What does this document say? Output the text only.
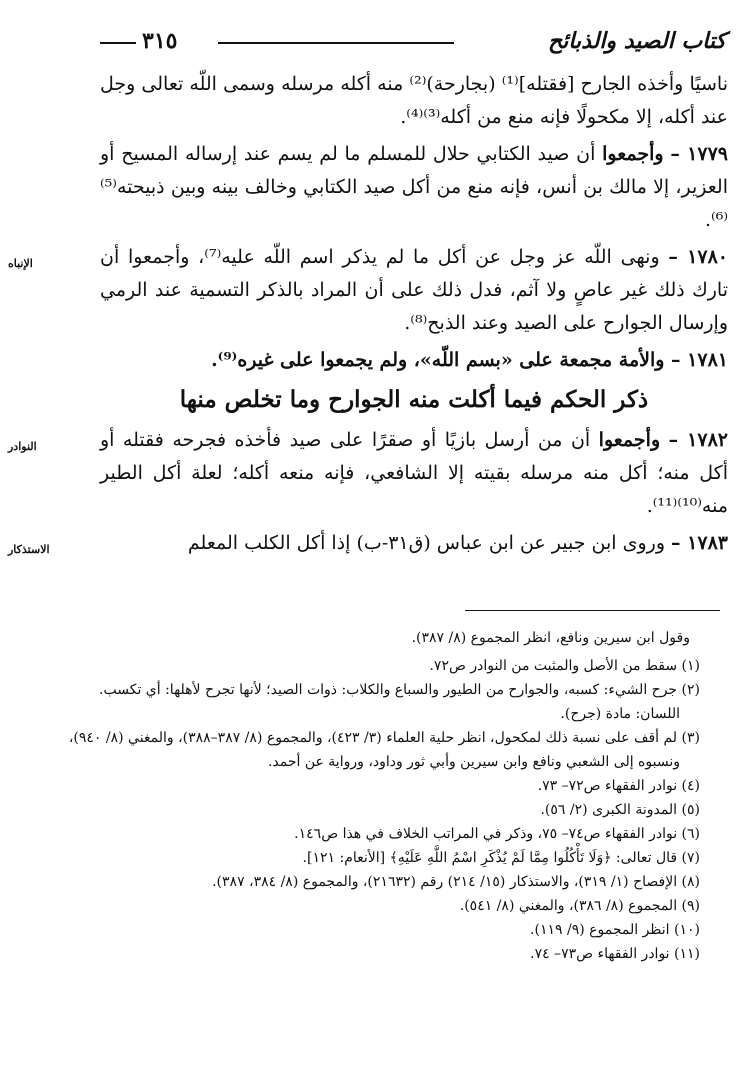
كتاب الصيد والذبائح
٣١٥

ناسيًا وأخذه الجارح [فقتله]⁽¹⁾ (بجارحة)⁽²⁾ منه أكله مرسله وسمى اللّه تعالى وجل عند أكله، إلا مكحولًا فإنه منع من أكله⁽³⁾⁽⁴⁾.

١٧٧٩ – وأجمعوا أن صيد الكتابي حلال للمسلم ما لم يسم عند إرساله المسيح أو العزير، إلا مالك بن أنس، فإنه منع من أكل صيد الكتابي وخالف بينه وبين ذبيحته⁽⁵⁾⁽⁶⁾.

الإنباه	١٧٨٠ – ونهى اللّه عز وجل عن أكل ما لم يذكر اسم اللّه عليه⁽⁷⁾، وأجمعوا أن تارك ذلك غير عاصٍ ولا آثم، فدل ذلك على أن المراد بالذكر التسمية عند الرمي وإرسال الجوارح على الصيد وعند الذبح⁽⁸⁾.

١٧٨١ – والأمة مجمعة على «بسم اللّه»، ولم يجمعوا على غيره⁽⁹⁾.

ذكر الحكم فيما أكلت منه الجوارح وما تخلص منها

النوادر	١٧٨٢ – وأجمعوا أن من أرسل بازيًا أو صقرًا على صيد فأخذه فجرحه فقتله أو أكل منه؛ أكل منه مرسله بقيته إلا الشافعي، فإنه منعه أكله؛ لعلة أكل الطير منه⁽¹⁰⁾⁽¹¹⁾.

الاستذكار	١٧٨٣ – وروى ابن جبير عن ابن عباس (ق٣١-ب) إذا أكل الكلب المعلم

وقول ابن سيرين ونافع، انظر المجموع (٨/ ٣٨٧).

(١) سقط من الأصل والمثبت من النوادر ص٧٢.

(٢) جرح الشيء: كسبه، والجوارح من الطيور والسباع والكلاب: ذوات الصيد؛ لأنها تجرح لأهلها: أي تكسب. اللسان: مادة (جرح).

(٣) لم أقف على نسبة ذلك لمكحول، انظر حلية العلماء (٣/ ٤٢٣)، والمجموع (٨/ ٣٨٧–٣٨٨)، والمغني (٨/ ٩٤٠)، ونسبوه إلى الشعبي ونافع وابن سيرين وأبي ثور وداود، ورواية عن أحمد.

(٤) نوادر الفقهاء ص٧٢– ٧٣.

(٥) المدونة الكبرى (٢/ ٥٦).

(٦) نوادر الفقهاء ص٧٤– ٧٥، وذكر في المراتب الخلاف في هذا ص١٤٦.

(٧) قال تعالى: ﴿وَلَا تَأْكُلُوا مِمَّا لَمْ يُذْكَرِ اسْمُ اللَّهِ عَلَيْهِ﴾ [الأنعام: ١٢١].

(٨) الإفصاح (١/ ٣١٩)، والاستذكار (١٥/ ٢١٤) رقم (٢١٦٣٢)، والمجموع (٨/ ٣٨٤، ٣٨٧).

(٩) المجموع (٨/ ٣٨٦)، والمغني (٨/ ٥٤١).

(١٠) انظر المجموع (٩/ ١١٩).

(١١) نوادر الفقهاء ص٧٣– ٧٤.
